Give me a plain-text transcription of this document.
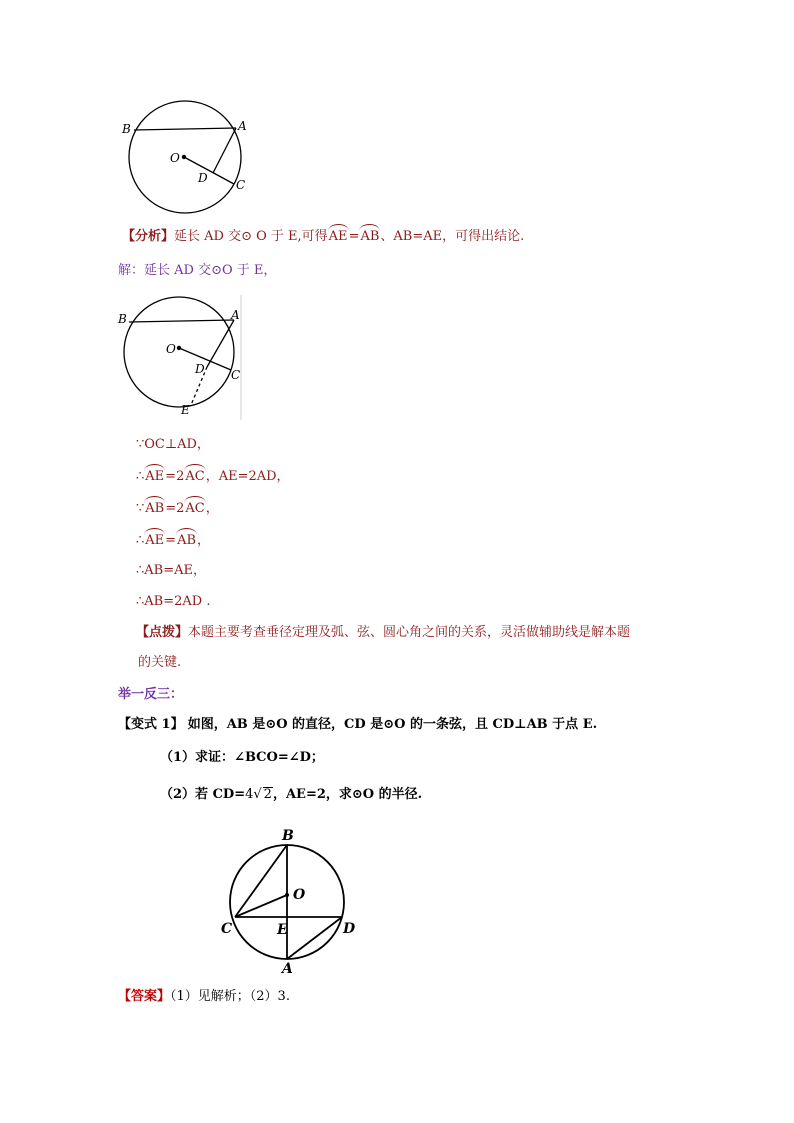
B	A
O
D C
【分析】延长 AD 交⊙ O 于 E,可得AE=AB、AB=AE，可得出结论.
解：延长 AD 交⊙O 于 E，
B	A
O
D C
E
∵OC⊥AD，
∴AE=2AC，AE=2AD，
∵AB=2AC，
∴AE=AB，
∴AB=AE，
∴AB=2AD .
【点拨】本题主要考查垂径定理及弧、弦、圆心角之间的关系，灵活做辅助线是解本题
的关键.
举一反三：
【变式 1】 如图，AB 是⊙O 的直径，CD 是⊙O 的一条弦，且 CD⊥AB 于点 E.
（1）求证：∠BCO=∠D；
（2）若 CD=4√ 2，AE=2，求⊙O 的半径.
B
O
C	E	D
A
【答案】（1）见解析；（2）3.
